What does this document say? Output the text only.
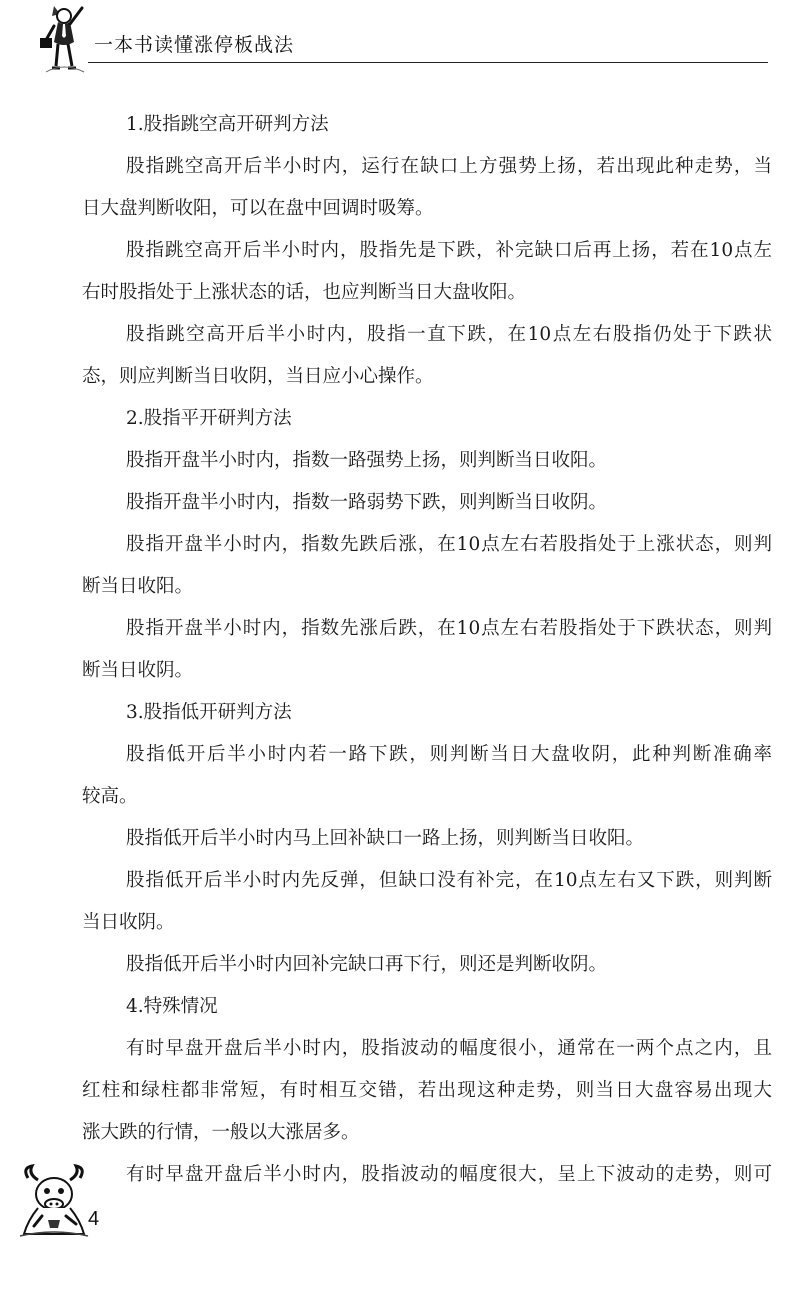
一本书读懂涨停板战法
1.股指跳空高开研判方法
股指跳空高开后半小时内，运行在缺口上方强势上扬，若出现此种走势，当
日大盘判断收阳，可以在盘中回调时吸筹。
股指跳空高开后半小时内，股指先是下跌，补完缺口后再上扬，若在10点左
右时股指处于上涨状态的话，也应判断当日大盘收阳。
股指跳空高开后半小时内，股指一直下跌，在10点左右股指仍处于下跌状
态，则应判断当日收阴，当日应小心操作。
2.股指平开研判方法
股指开盘半小时内，指数一路强势上扬，则判断当日收阳。
股指开盘半小时内，指数一路弱势下跌，则判断当日收阴。
股指开盘半小时内，指数先跌后涨，在10点左右若股指处于上涨状态，则判
断当日收阳。
股指开盘半小时内，指数先涨后跌，在10点左右若股指处于下跌状态，则判
断当日收阴。
3.股指低开研判方法
股指低开后半小时内若一路下跌，则判断当日大盘收阴，此种判断准确率
较高。
股指低开后半小时内马上回补缺口一路上扬，则判断当日收阳。
股指低开后半小时内先反弹，但缺口没有补完，在10点左右又下跌，则判断
当日收阴。
股指低开后半小时内回补完缺口再下行，则还是判断收阴。
4.特殊情况
有时早盘开盘后半小时内，股指波动的幅度很小，通常在一两个点之内，且
红柱和绿柱都非常短，有时相互交错，若出现这种走势，则当日大盘容易出现大
涨大跌的行情，一般以大涨居多。
有时早盘开盘后半小时内，股指波动的幅度很大，呈上下波动的走势，则可
4
